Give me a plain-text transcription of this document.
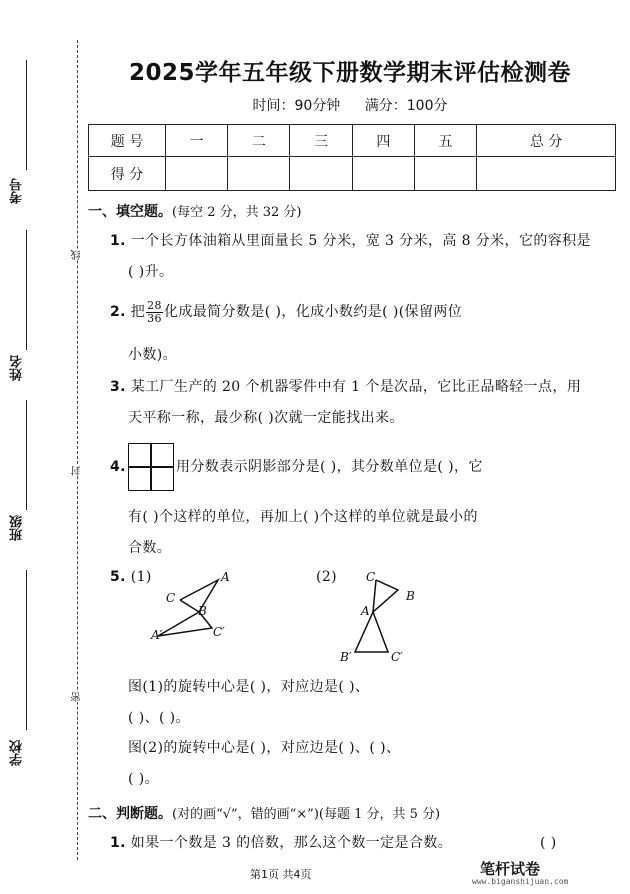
考号
姓名
班级
学校
线
封
密
2025学年五年级下册数学期末评估检测卷
时间：90分钟 满分：100分
题 号	一	二	三	四	五	总 分
得 分						
一、填空题。(每空 2 分，共 32 分)
1. 一个长方体油箱从里面量长 5 分米，宽 3 分米，高 8 分米，它的容积是
( )升。
2. 把 $\frac{28}{36}$ 化成最简分数是( )，化成小数约是( )(保留两位
小数)。
3. 某工厂生产的 20 个机器零件中有 1 个是次品，它比正品略轻一点，用
天平称一称，最少称( )次就一定能找出来。
4.	用分数表示阴影部分是( )，其分数单位是( )，它
有( )个这样的单位，再加上( )个这样的单位就是最小的
合数。
5. (1)	(2)
A
C
B
A′	C′
C
B
A
B′	C′
图(1)的旋转中心是( )，对应边是( )、
( )、( )。
图(2)的旋转中心是( )，对应边是( )、( )、
( )。
二、判断题。(对的画“√”，错的画“×”)(每题 1 分，共 5 分)
1. 如果一个数是 3 的倍数，那么这个数一定是合数。	( )
第1页 共4页	笔杆试卷
www.biganshijuan.com
